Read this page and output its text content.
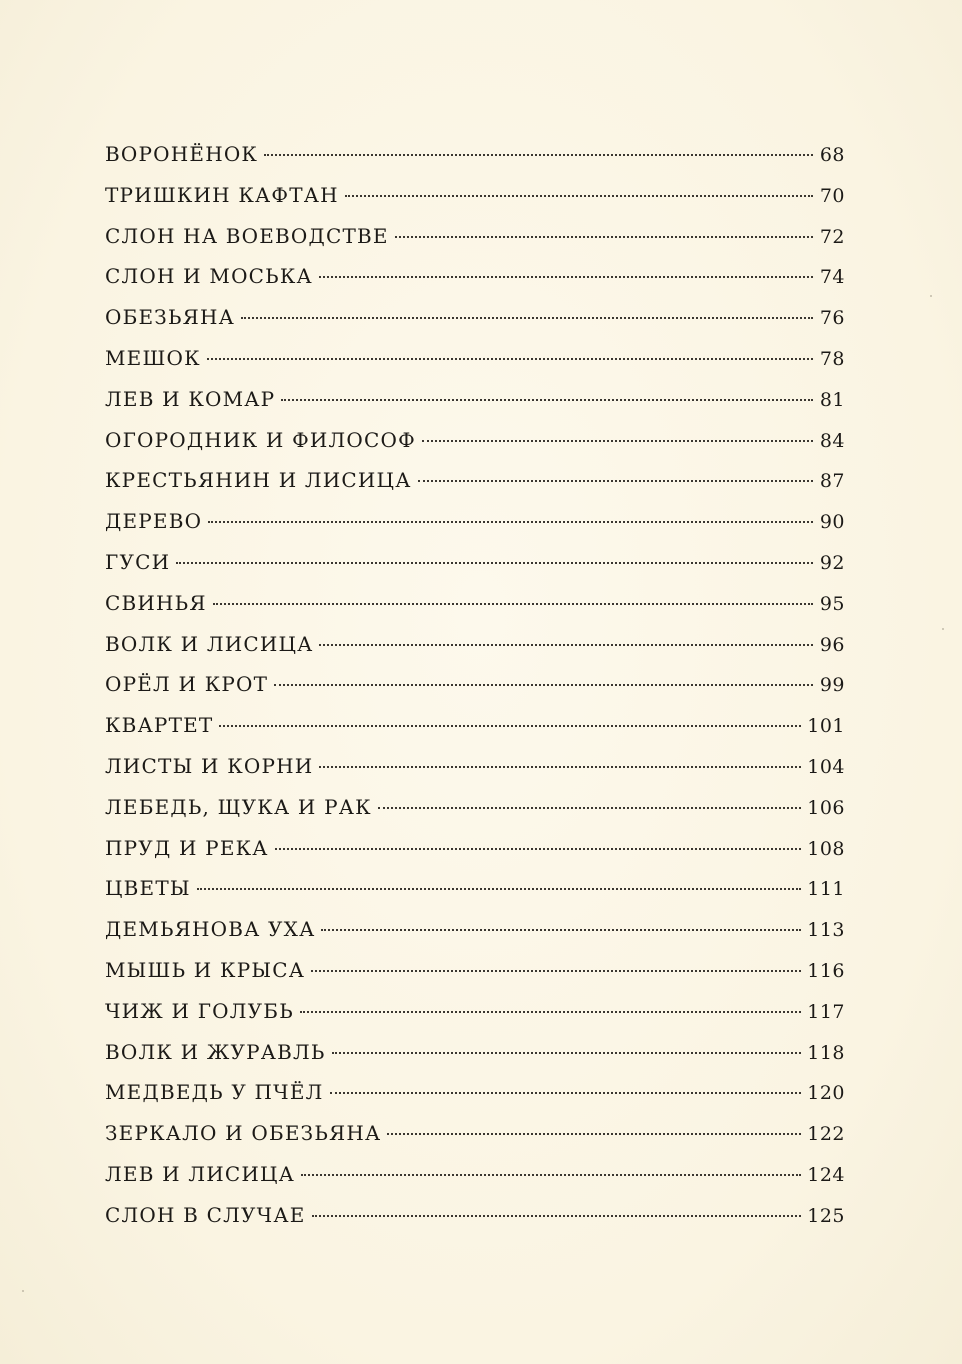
ВОРОНЁНОК	68
ТРИШКИН КАФТАН	70
СЛОН НА ВОЕВОДСТВЕ	72
СЛОН И МОСЬКА	74
ОБЕЗЬЯНА	76
МЕШОК	78
ЛЕВ И КОМАР	81
ОГОРОДНИК И ФИЛОСОФ	84
КРЕСТЬЯНИН И ЛИСИЦА	87
ДЕРЕВО	90
ГУСИ	92
СВИНЬЯ	95
ВОЛК И ЛИСИЦА	96
ОРЁЛ И КРОТ	99
КВАРТЕТ	101
ЛИСТЫ И КОРНИ	104
ЛЕБЕДЬ, ЩУКА И РАК	106
ПРУД И РЕКА	108
ЦВЕТЫ	111
ДЕМЬЯНОВА УХА	113
МЫШЬ И КРЫСА	116
ЧИЖ И ГОЛУБЬ	117
ВОЛК И ЖУРАВЛЬ	118
МЕДВЕДЬ У ПЧЁЛ	120
ЗЕРКАЛО И ОБЕЗЬЯНА	122
ЛЕВ И ЛИСИЦА	124
СЛОН В СЛУЧАЕ	125
